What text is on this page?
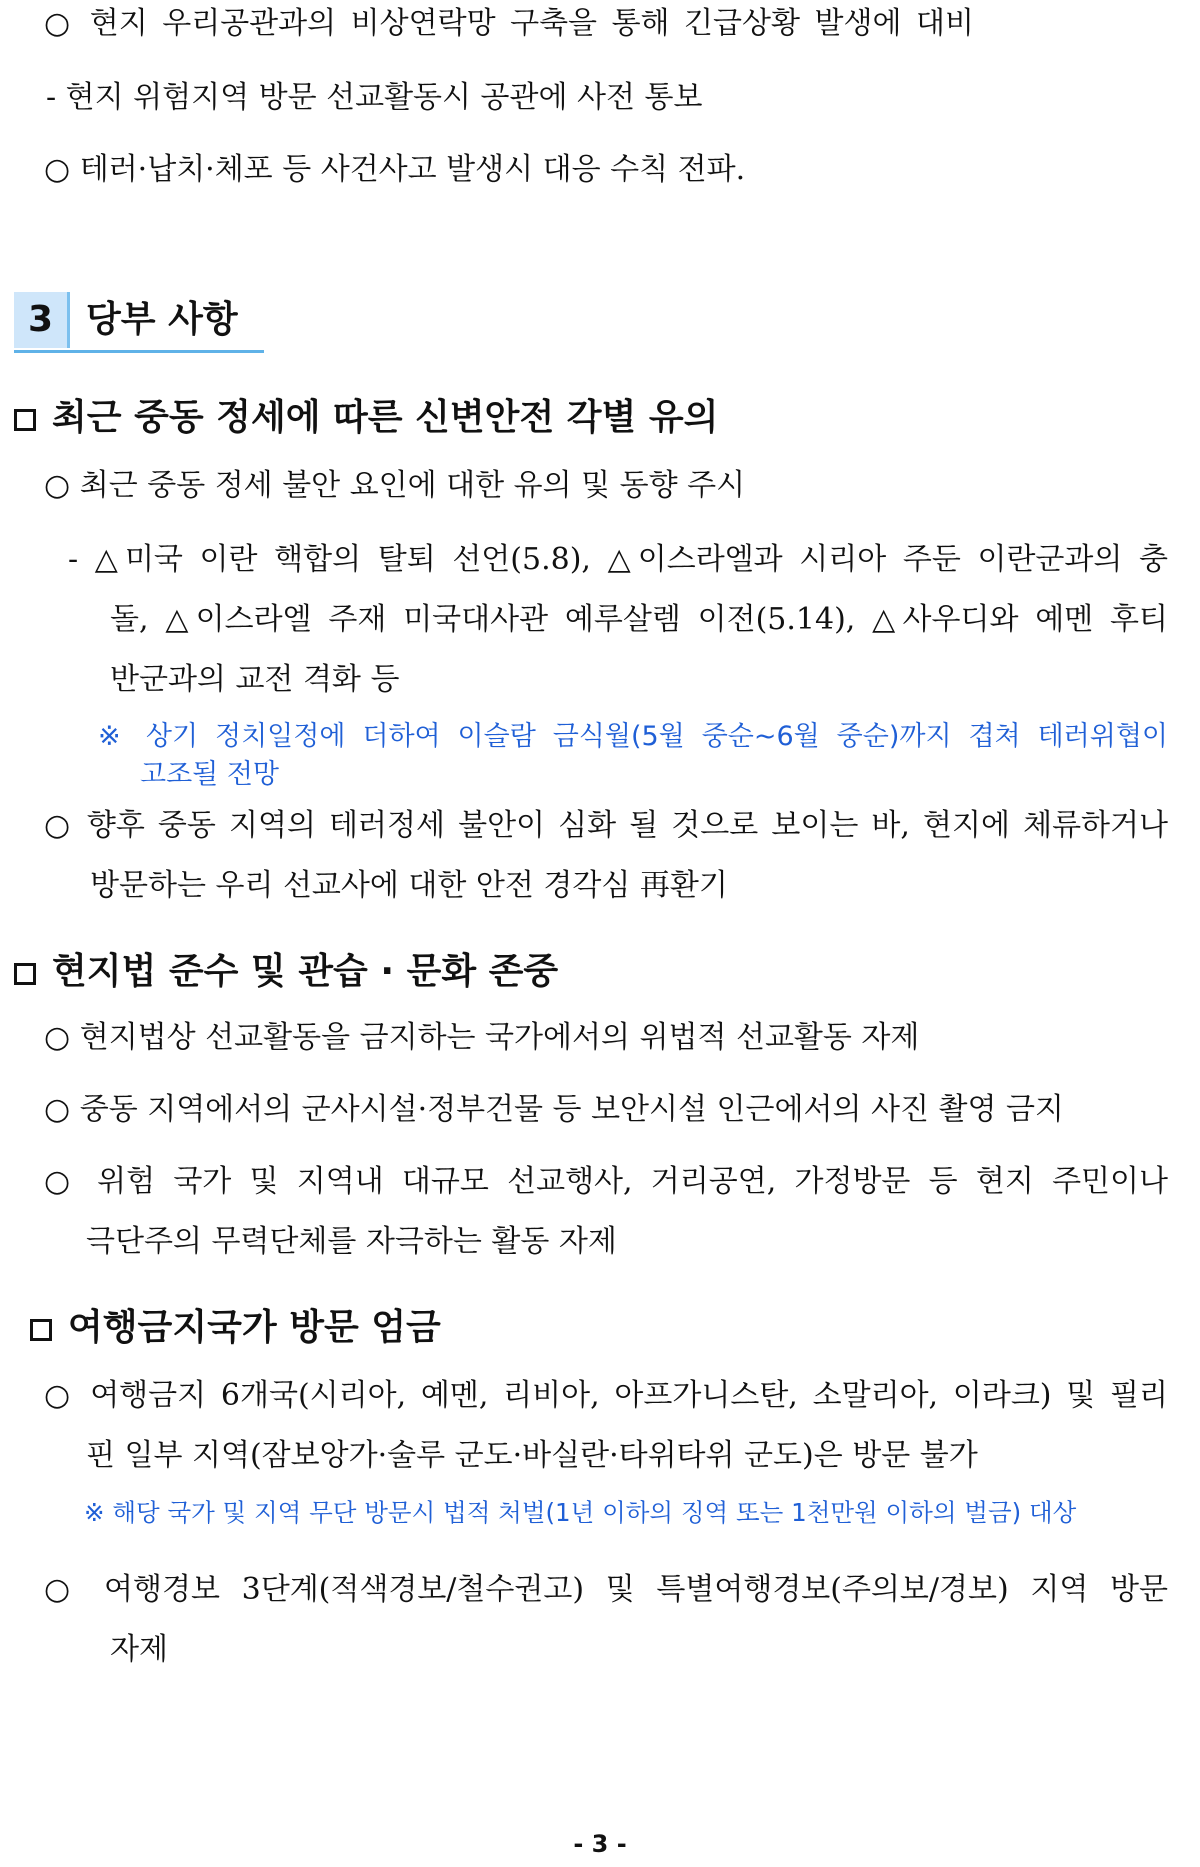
○ 현지 우리공관과의 비상연락망 구축을 통해 긴급상황 발생에 대비
- 현지 위험지역 방문 선교활동시 공관에 사전 통보
○ 테러·납치·체포 등 사건사고 발생시 대응 수칙 전파.
3 당부 사항
최근 중동 정세에 따른 신변안전 각별 유의
○ 최근 중동 정세 불안 요인에 대한 유의 및 동향 주시
- △미국 이란 핵합의 탈퇴 선언(5.8), △이스라엘과 시리아 주둔 이란군과의 충
돌, △이스라엘 주재 미국대사관 예루살렘 이전(5.14), △사우디와 예멘 후티
반군과의 교전 격화 등
※ 상기 정치일정에 더하여 이슬람 금식월(5월 중순~6월 중순)까지 겹쳐 테러위협이
고조될 전망
○ 향후 중동 지역의 테러정세 불안이 심화 될 것으로 보이는 바, 현지에 체류하거나
방문하는 우리 선교사에 대한 안전 경각심 再환기
현지법 준수 및 관습 · 문화 존중
○ 현지법상 선교활동을 금지하는 국가에서의 위법적 선교활동 자제
○ 중동 지역에서의 군사시설·정부건물 등 보안시설 인근에서의 사진 촬영 금지
○ 위험 국가 및 지역내 대규모 선교행사, 거리공연, 가정방문 등 현지 주민이나
극단주의 무력단체를 자극하는 활동 자제
여행금지국가 방문 엄금
○ 여행금지 6개국(시리아, 예멘, 리비아, 아프가니스탄, 소말리아, 이라크) 및 필리
핀 일부 지역(잠보앙가·술루 군도·바실란·타위타위 군도)은 방문 불가
※ 해당 국가 및 지역 무단 방문시 법적 처벌(1년 이하의 징역 또는 1천만원 이하의 벌금) 대상
○ 여행경보 3단계(적색경보/철수권고) 및 특별여행경보(주의보/경보) 지역 방문
자제
- 3 -
